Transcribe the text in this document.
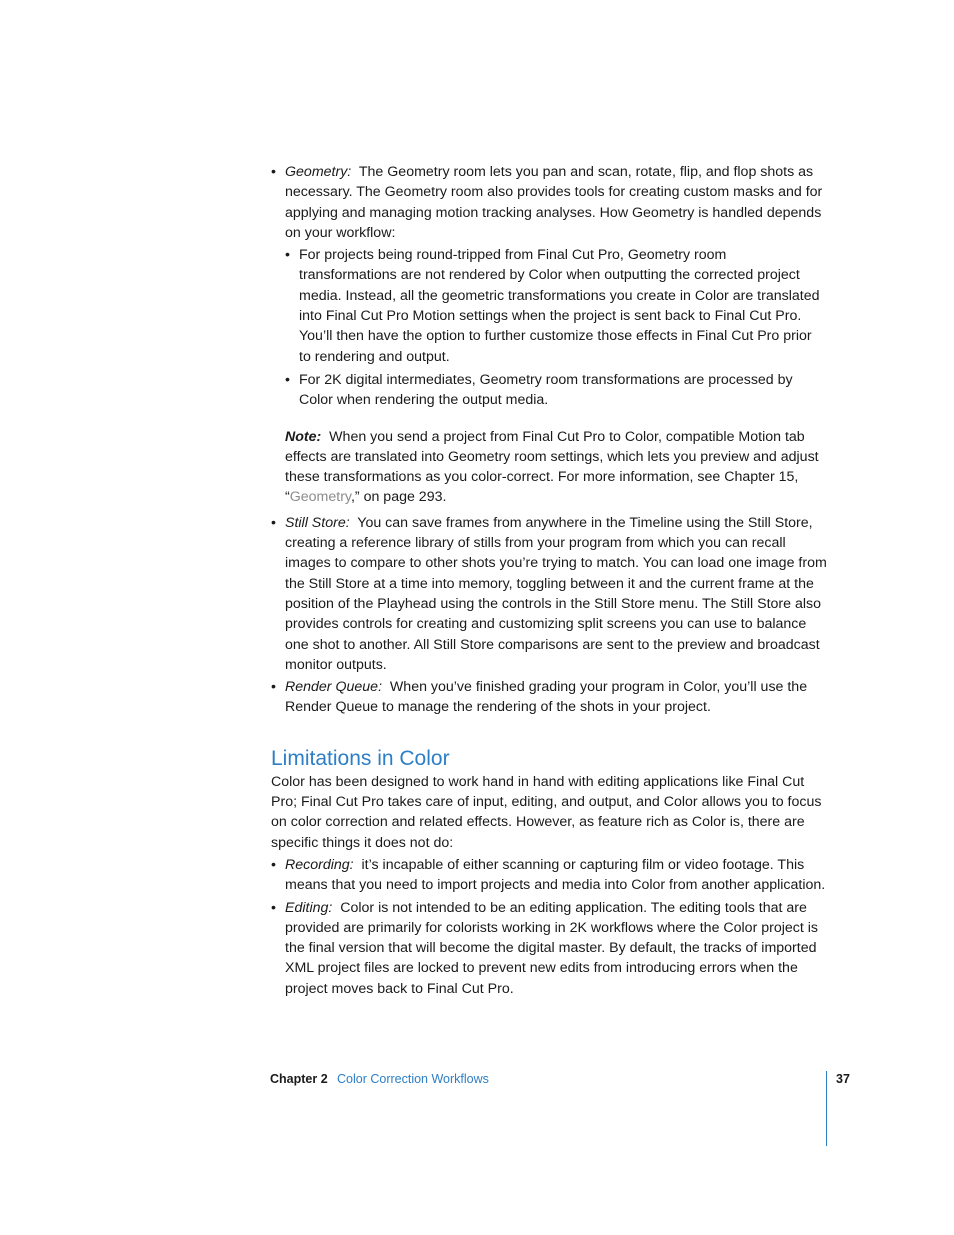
• Geometry: The Geometry room lets you pan and scan, rotate, flip, and flop shots as necessary. The Geometry room also provides tools for creating custom masks and for applying and managing motion tracking analyses. How Geometry is handled depends on your workflow:
• For projects being round-tripped from Final Cut Pro, Geometry room transformations are not rendered by Color when outputting the corrected project media. Instead, all the geometric transformations you create in Color are translated into Final Cut Pro Motion settings when the project is sent back to Final Cut Pro. You’ll then have the option to further customize those effects in Final Cut Pro prior to rendering and output.
• For 2K digital intermediates, Geometry room transformations are processed by Color when rendering the output media.
Note: When you send a project from Final Cut Pro to Color, compatible Motion tab effects are translated into Geometry room settings, which lets you preview and adjust these transformations as you color-correct. For more information, see Chapter 15, “Geometry,” on page 293.
• Still Store: You can save frames from anywhere in the Timeline using the Still Store, creating a reference library of stills from your program from which you can recall images to compare to other shots you’re trying to match. You can load one image from the Still Store at a time into memory, toggling between it and the current frame at the position of the Playhead using the controls in the Still Store menu. The Still Store also provides controls for creating and customizing split screens you can use to balance one shot to another. All Still Store comparisons are sent to the preview and broadcast monitor outputs.
• Render Queue: When you’ve finished grading your program in Color, you’ll use the Render Queue to manage the rendering of the shots in your project.
Limitations in Color

Color has been designed to work hand in hand with editing applications like Final Cut Pro; Final Cut Pro takes care of input, editing, and output, and Color allows you to focus on color correction and related effects. However, as feature rich as Color is, there are specific things it does not do:

• Recording: it’s incapable of either scanning or capturing film or video footage. This means that you need to import projects and media into Color from another application.
• Editing: Color is not intended to be an editing application. The editing tools that are provided are primarily for colorists working in 2K workflows where the Color project is the final version that will become the digital master. By default, the tracks of imported XML project files are locked to prevent new edits from introducing errors when the project moves back to Final Cut Pro.
Chapter 2 Color Correction Workflows	37
